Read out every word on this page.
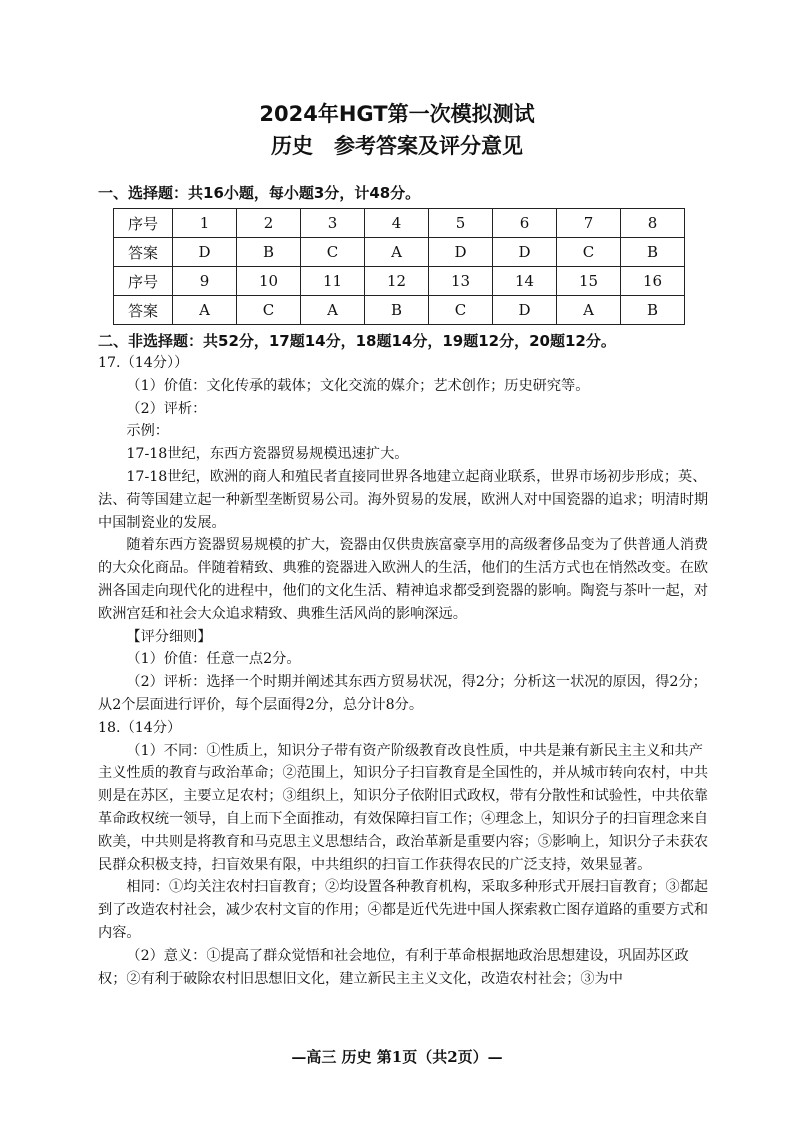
2024年HGT第一次模拟测试
历史　参考答案及评分意见
一、选择题：共16小题，每小题3分，计48分。
序号	1	2	3	4	5	6	7	8
答案	D	B	C	A	D	D	C	B
序号	9	10	11	12	13	14	15	16
答案	A	C	A	B	C	D	A	B
二、非选择题：共52分，17题14分，18题14分，19题12分，20题12分。

17.（14分））

（1）价值：文化传承的载体；文化交流的媒介；艺术创作；历史研究等。

（2）评析：

示例：

17-18世纪，东西方瓷器贸易规模迅速扩大。

17-18世纪，欧洲的商人和殖民者直接同世界各地建立起商业联系，世界市场初步形成；英、法、荷等国建立起一种新型垄断贸易公司。海外贸易的发展，欧洲人对中国瓷器的追求；明清时期中国制瓷业的发展。

随着东西方瓷器贸易规模的扩大，瓷器由仅供贵族富豪享用的高级奢侈品变为了供普通人消费的大众化商品。伴随着精致、典雅的瓷器进入欧洲人的生活，他们的生活方式也在悄然改变。在欧洲各国走向现代化的进程中，他们的文化生活、精神追求都受到瓷器的影响。陶瓷与茶叶一起，对欧洲宫廷和社会大众追求精致、典雅生活风尚的影响深远。

【评分细则】

（1）价值：任意一点2分。

（2）评析：选择一个时期并阐述其东西方贸易状况，得2分；分析这一状况的原因，得2分；从2个层面进行评价，每个层面得2分，总分计8分。

18.（14分）

（1）不同：①性质上，知识分子带有资产阶级教育改良性质，中共是兼有新民主主义和共产主义性质的教育与政治革命；②范围上，知识分子扫盲教育是全国性的，并从城市转向农村，中共则是在苏区，主要立足农村；③组织上，知识分子依附旧式政权，带有分散性和试验性，中共依靠革命政权统一领导，自上而下全面推动，有效保障扫盲工作；④理念上，知识分子的扫盲理念来自欧美，中共则是将教育和马克思主义思想结合，政治革新是重要内容；⑤影响上，知识分子未获农民群众积极支持，扫盲效果有限，中共组织的扫盲工作获得农民的广泛支持，效果显著。

相同：①均关注农村扫盲教育；②均设置各种教育机构，采取多种形式开展扫盲教育；③都起到了改造农村社会，减少农村文盲的作用；④都是近代先进中国人探索救亡图存道路的重要方式和内容。

（2）意义：①提高了群众觉悟和社会地位，有利于革命根据地政治思想建设，巩固苏区政权；②有利于破除农村旧思想旧文化，建立新民主主义文化，改造农村社会；③为中

—高三 历史 第1页（共2页）—
